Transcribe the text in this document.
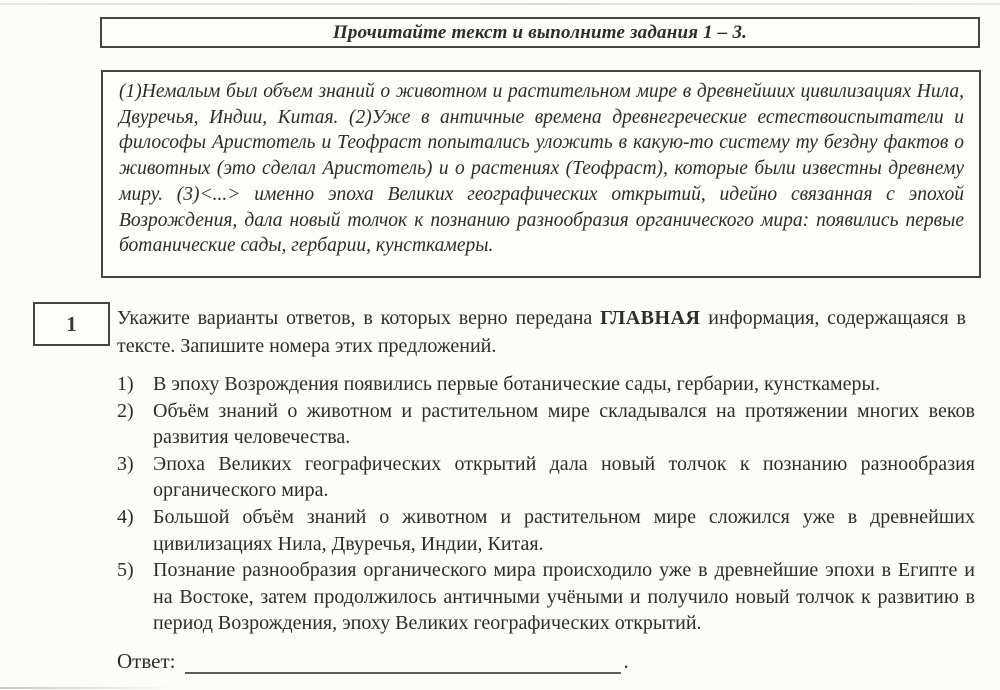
Прочитайте текст и выполните задания 1 – 3.
(1)Немалым был объем знаний о животном и растительном мире в древнейших цивилизациях Нила, Двуречья, Индии, Китая. (2)Уже в античные времена древнегреческие естествоиспытатели и философы Аристотель и Теофраст попытались уложить в какую-то систему ту бездну фактов о животных (это сделал Аристотель) и о растениях (Теофраст), которые были известны древнему миру. (3)<...> именно эпоха Великих географических открытий, идейно связанная с эпохой Возрождения, дала новый толчок к познанию разнообразия органического мира: появились первые ботанические сады, гербарии, кунсткамеры.
1 Укажите варианты ответов, в которых верно передана ГЛАВНАЯ информация, содержащаяся в тексте. Запишите номера этих предложений.
1) В эпоху Возрождения появились первые ботанические сады, гербарии, кунсткамеры.
2) Объём знаний о животном и растительном мире складывался на протяжении многих веков развития человечества.
3) Эпоха Великих географических открытий дала новый толчок к познанию разнообразия органического мира.
4) Большой объём знаний о животном и растительном мире сложился уже в древнейших цивилизациях Нила, Двуречья, Индии, Китая.
5) Познание разнообразия органического мира происходило уже в древнейшие эпохи в Египте и на Востоке, затем продолжилось античными учёными и получило новый толчок к развитию в период Возрождения, эпоху Великих географических открытий.
Ответ:	.
